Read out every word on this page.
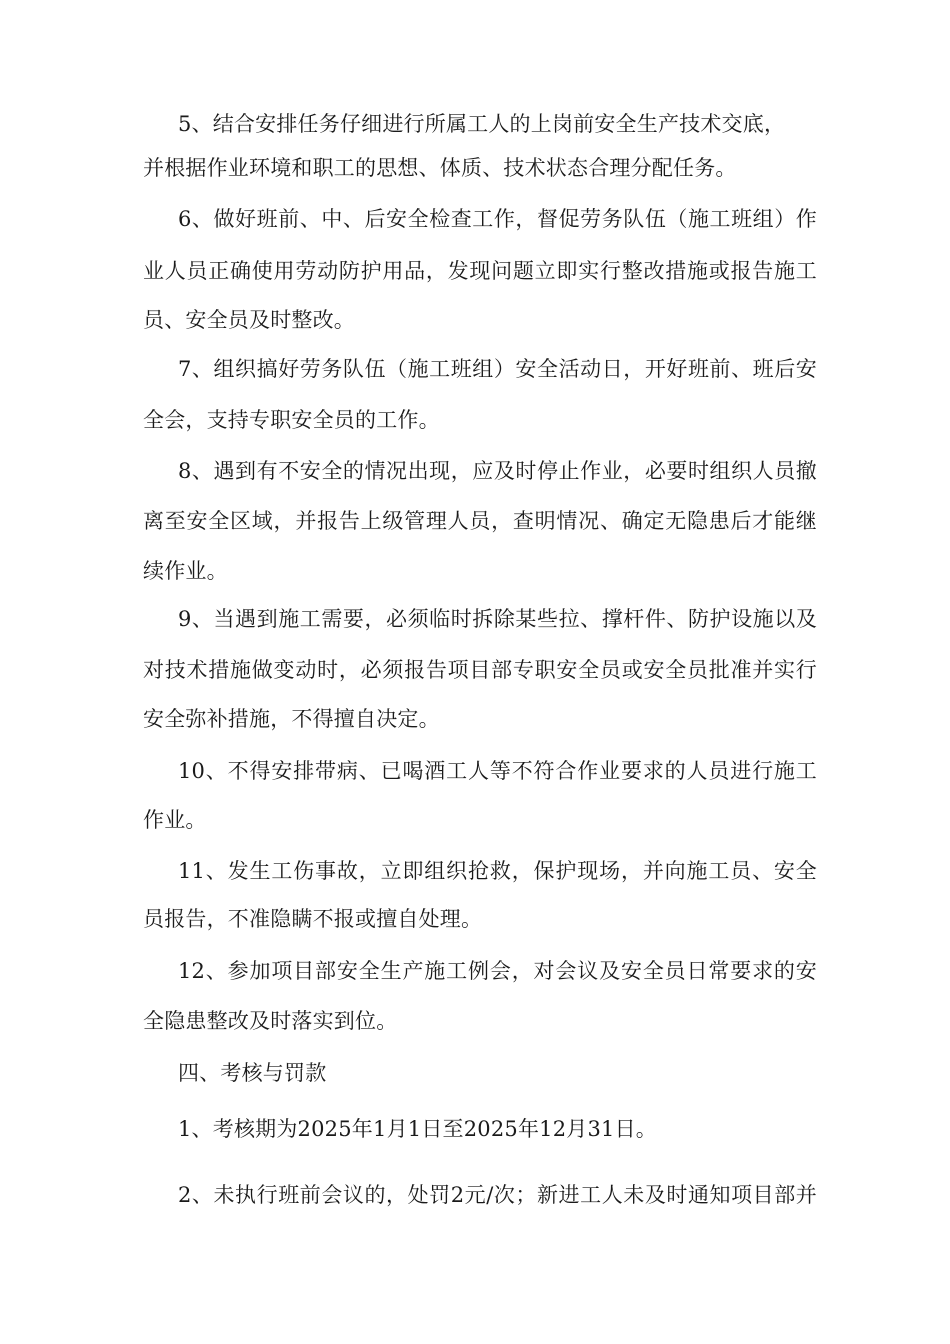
5、结合安排任务仔细进行所属工人的上岗前安全生产技术交底，
并根据作业环境和职工的思想、体质、技术状态合理分配任务。
6、做好班前、中、后安全检查工作，督促劳务队伍（施工班组）作
业人员正确使用劳动防护用品，发现问题立即实行整改措施或报告施工
员、安全员及时整改。
7、组织搞好劳务队伍（施工班组）安全活动日，开好班前、班后安
全会，支持专职安全员的工作。
8、遇到有不安全的情况出现，应及时停止作业，必要时组织人员撤
离至安全区域，并报告上级管理人员，查明情况、确定无隐患后才能继
续作业。
9、当遇到施工需要，必须临时拆除某些拉、撑杆件、防护设施以及
对技术措施做变动时，必须报告项目部专职安全员或安全员批准并实行
安全弥补措施，不得擅自决定。
10、不得安排带病、已喝酒工人等不符合作业要求的人员进行施工
作业。
11、发生工伤事故，立即组织抢救，保护现场，并向施工员、安全
员报告，不准隐瞒不报或擅自处理。
12、参加项目部安全生产施工例会，对会议及安全员日常要求的安
全隐患整改及时落实到位。
四、考核与罚款
1、考核期为2025年1月1日至2025年12月31日。
2、未执行班前会议的，处罚2元/次；新进工人未及时通知项目部并
